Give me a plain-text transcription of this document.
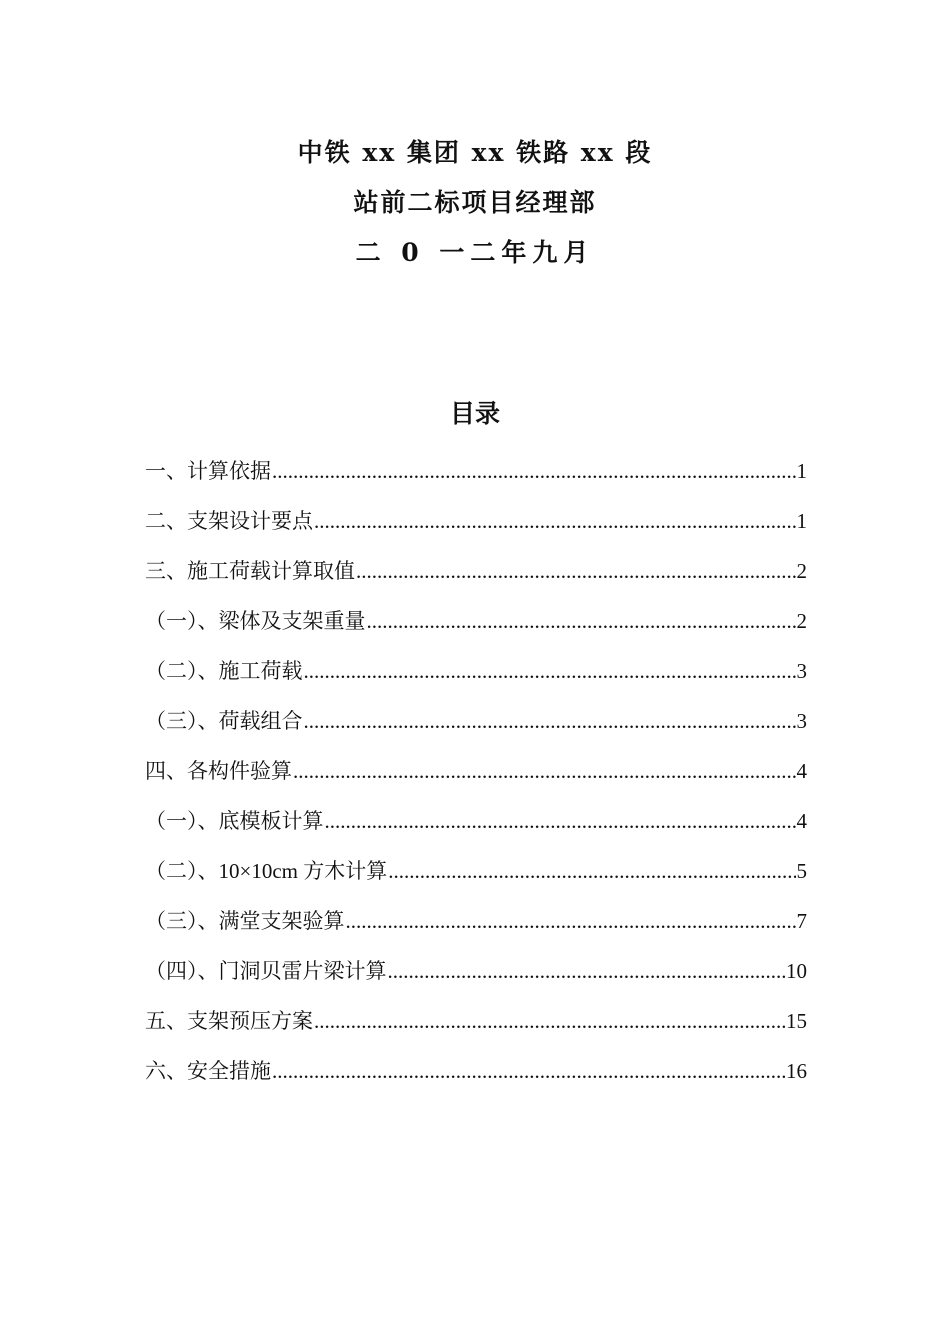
中铁 xx 集团 xx 铁路 xx 段
站前二标项目经理部
二 0 一二年九月
目录
一、计算依据 .....	1
二、支架设计要点 .....	1
三、施工荷载计算取值 .....	2
（一）、梁体及支架重量 .....	2
（二）、施工荷载 .....	3
（三）、荷载组合 .....	3
四、各构件验算 .....	4
（一）、底模板计算 .....	4
（二）、10×10cm 方木计算 .....	5
（三）、满堂支架验算 .....	7
（四）、门洞贝雷片梁计算 .....	10
五、支架预压方案 .....	15
六、安全措施 .....	16
